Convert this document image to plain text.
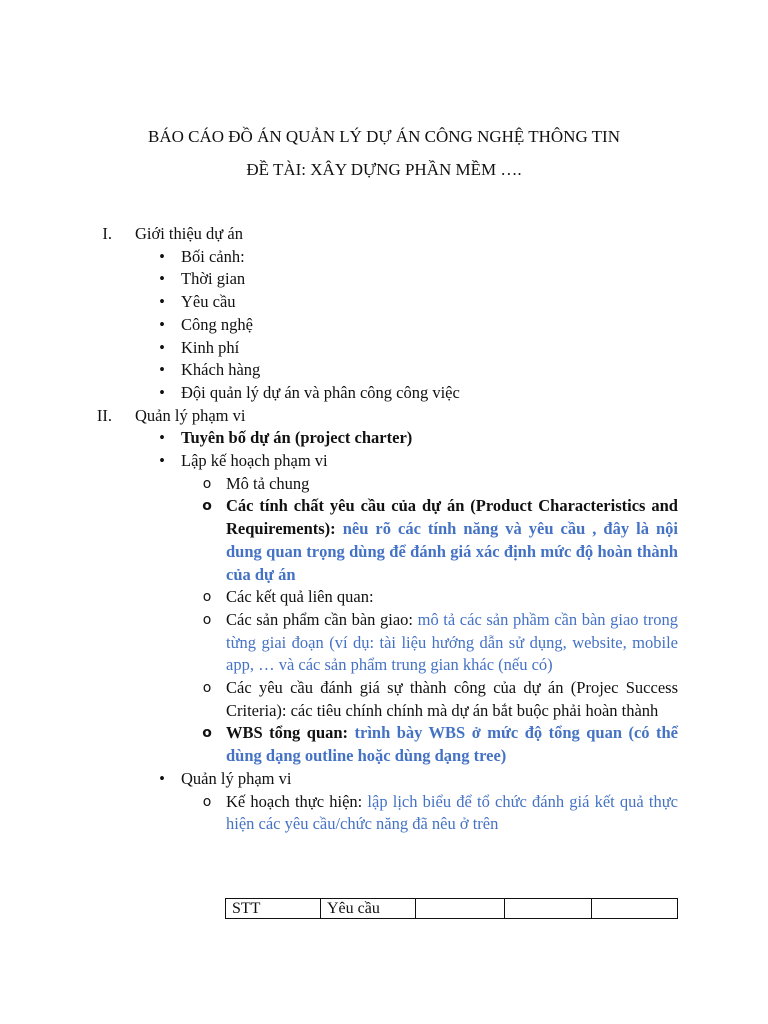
BÁO CÁO ĐỒ ÁN QUẢN LÝ DỰ ÁN CÔNG NGHỆ THÔNG TIN
ĐỀ TÀI: XÂY DỰNG PHẦN MỀM ….
I. Giới thiệu dự án
• Bối cảnh:
• Thời gian
• Yêu cầu
• Công nghệ
• Kinh phí
• Khách hàng
• Đội quản lý dự án và phân công công việc
II. Quản lý phạm vi
• Tuyên bố dự án (project charter)
• Lập kế hoạch phạm vi
o Mô tả chung
o Các tính chất yêu cầu của dự án (Product Characteristics and Requirements): nêu rõ các tính năng và yêu cầu , đây là nội dung quan trọng dùng để đánh giá xác định mức độ hoàn thành của dự án
o Các kết quả liên quan:
o Các sản phẩm cần bàn giao: mô tả các sản phầm cần bàn giao trong từng giai đoạn (ví dụ: tài liệu hướng dẫn sử dụng, website, mobile app, … và các sản phẩm trung gian khác (nếu có)
o Các yêu cầu đánh giá sự thành công của dự án (Projec Success Criteria): các tiêu chính chính mà dự án bắt buộc phải hoàn thành
o WBS tổng quan: trình bày WBS ở mức độ tổng quan (có thể dùng dạng outline hoặc dùng dạng tree)
• Quản lý phạm vi
o Kế hoạch thực hiện: lập lịch biểu để tổ chức đánh giá kết quả thực hiện các yêu cầu/chức năng đã nêu ở trên
STT	Yêu cầu			
